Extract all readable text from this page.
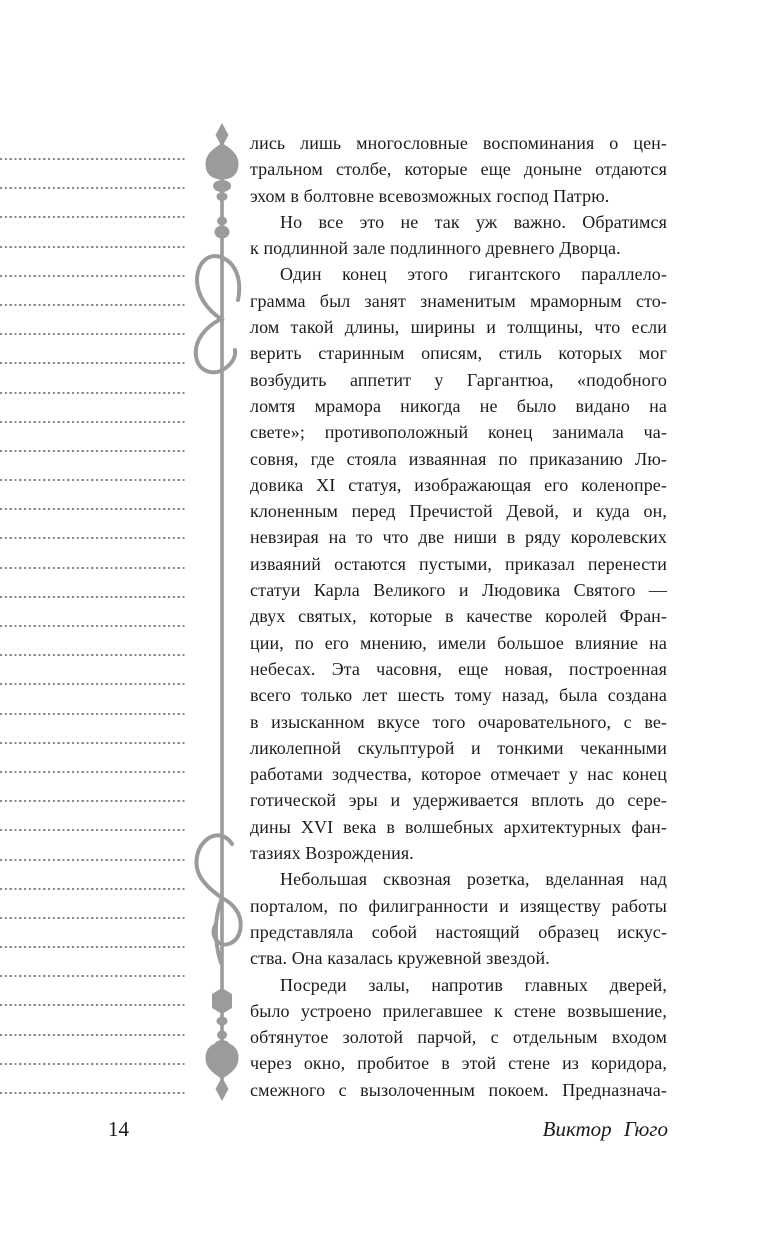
лись лишь многословные воспоминания о цен-
тральном столбе, которые еще доныне отдаются
эхом в болтовне всевозможных господ Патрю.
Но все это не так уж важно. Обратимся
к подлинной зале подлинного древнего Дворца.
Один конец этого гигантского параллело-
грамма был занят знаменитым мраморным сто-
лом такой длины, ширины и толщины, что если
верить старинным описям, стиль которых мог
возбудить аппетит у Гаргантюа, «подобного
ломтя мрамора никогда не было видано на
свете»; противоположный конец занимала ча-
совня, где стояла изваянная по приказанию Лю-
довика XI статуя, изображающая его коленопре-
клоненным перед Пречистой Девой, и куда он,
невзирая на то что две ниши в ряду королевских
изваяний остаются пустыми, приказал перенести
статуи Карла Великого и Людовика Святого —
двух святых, которые в качестве королей Фран-
ции, по его мнению, имели большое влияние на
небесах. Эта часовня, еще новая, построенная
всего только лет шесть тому назад, была создана
в изысканном вкусе того очаровательного, с ве-
ликолепной скульптурой и тонкими чеканными
работами зодчества, которое отмечает у нас конец
готической эры и удерживается вплоть до сере-
дины XVI века в волшебных архитектурных фан-
тазиях Возрождения.
Небольшая сквозная розетка, вделанная над
порталом, по филигранности и изяществу работы
представляла собой настоящий образец искус-
ства. Она казалась кружевной звездой.
Посреди залы, напротив главных дверей,
было устроено прилегавшее к стене возвышение,
обтянутое золотой парчой, с отдельным входом
через окно, пробитое в этой стене из коридора,
смежного с вызолоченным покоем. Предназнача-
14	Виктор Гюго
